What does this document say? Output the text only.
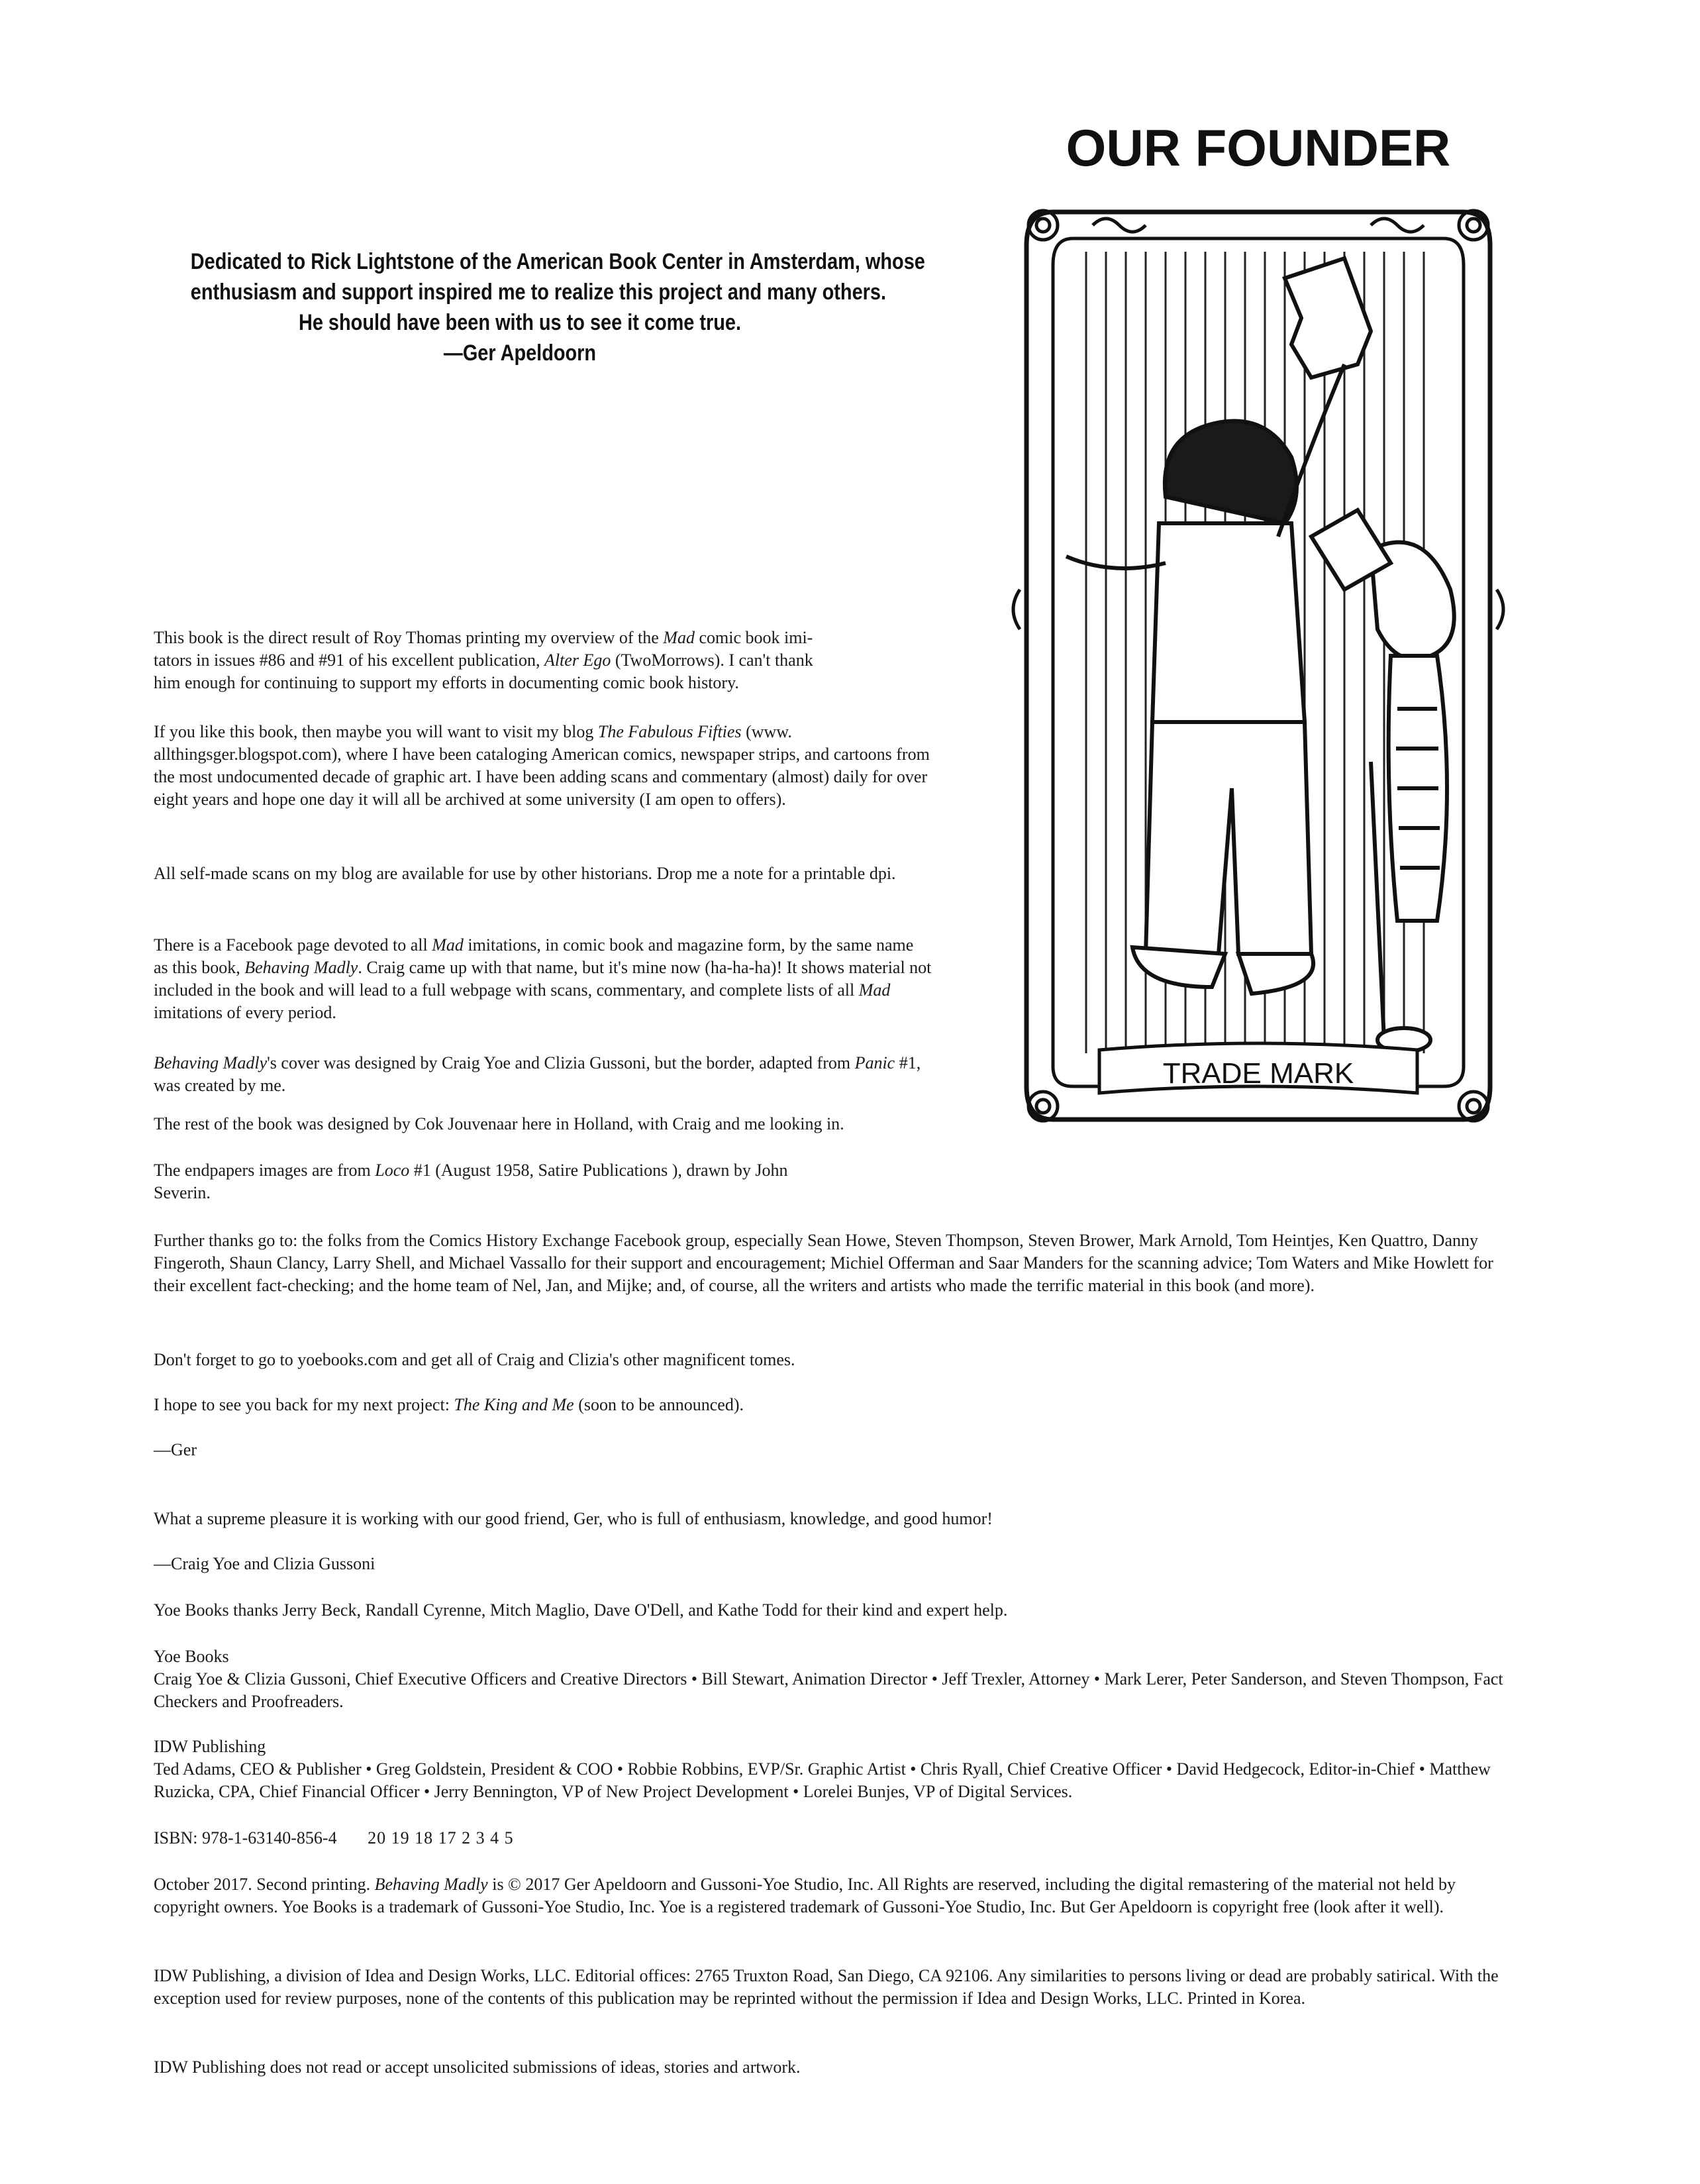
Dedicated to Rick Lightstone of the American Book Center in Amsterdam, whose
enthusiasm and support inspired me to realize this project and many others.
He should have been with us to see it come true.
—Ger Apeldoorn
OUR FOUNDER
TRADE MARK
This book is the direct result of Roy Thomas printing my overview of the Mad comic book imi-
tators in issues #86 and #91 of his excellent publication, Alter Ego (TwoMorrows). I can't thank
him enough for continuing to support my efforts in documenting comic book history.

If you like this book, then maybe you will want to visit my blog The Fabulous Fifties (www. allthingsger.blogspot.com), where I have been cataloging American comics, newspaper strips, and cartoons from the most undocumented decade of graphic art. I have been adding scans and commentary (almost) daily for over eight years and hope one day it will all be archived at some university (I am open to offers).

All self-made scans on my blog are available for use by other historians. Drop me a note for a printable dpi.

There is a Facebook page devoted to all Mad imitations, in comic book and magazine form, by the same name as this book, Behaving Madly. Craig came up with that name, but it's mine now (ha-ha-ha)! It shows material not included in the book and will lead to a full webpage with scans, commentary, and complete lists of all Mad imitations of every period.

Behaving Madly's cover was designed by Craig Yoe and Clizia Gussoni, but the border, adapted from Panic #1, was created by me.

The rest of the book was designed by Cok Jouvenaar here in Holland, with Craig and me looking in.

The endpapers images are from Loco #1 (August 1958, Satire Publications ), drawn by John Severin.

Further thanks go to: the folks from the Comics History Exchange Facebook group, especially Sean Howe, Steven Thompson, Steven Brower, Mark Arnold, Tom Heintjes, Ken Quattro, Danny Fingeroth, Shaun Clancy, Larry Shell, and Michael Vassallo for their support and encouragement; Michiel Offerman and Saar Manders for the scanning advice; Tom Waters and Mike Howlett for their excellent fact-checking; and the home team of Nel, Jan, and Mijke; and, of course, all the writers and artists who made the terrific material in this book (and more).

Don't forget to go to yoebooks.com and get all of Craig and Clizia's other magnificent tomes.

I hope to see you back for my next project: The King and Me (soon to be announced).

—Ger

What a supreme pleasure it is working with our good friend, Ger, who is full of enthusiasm, knowledge, and good humor!

—Craig Yoe and Clizia Gussoni

Yoe Books thanks Jerry Beck, Randall Cyrenne, Mitch Maglio, Dave O'Dell, and Kathe Todd for their kind and expert help.

Yoe Books
Craig Yoe & Clizia Gussoni, Chief Executive Officers and Creative Directors • Bill Stewart, Animation Director • Jeff Trexler, Attorney • Mark Lerer, Peter Sanderson, and Steven Thompson, Fact Checkers and Proofreaders.
IDW Publishing
Ted Adams, CEO & Publisher • Greg Goldstein, President & COO • Robbie Robbins, EVP/Sr. Graphic Artist • Chris Ryall, Chief Creative Officer • David Hedgecock, Editor-in-Chief • Matthew Ruzicka, CPA, Chief Financial Officer • Jerry Bennington, VP of New Project Development • Lorelei Bunjes, VP of Digital Services.
ISBN: 978-1-63140-856-4 20 19 18 17 2 3 4 5

October 2017. Second printing. Behaving Madly is © 2017 Ger Apeldoorn and Gussoni-Yoe Studio, Inc. All Rights are reserved, including the digital remastering of the material not held by copyright owners. Yoe Books is a trademark of Gussoni-Yoe Studio, Inc. Yoe is a registered trademark of Gussoni-Yoe Studio, Inc. But Ger Apeldoorn is copyright free (look after it well).

IDW Publishing, a division of Idea and Design Works, LLC. Editorial offices: 2765 Truxton Road, San Diego, CA 92106. Any similarities to persons living or dead are probably satirical. With the exception used for review purposes, none of the contents of this publication may be reprinted without the permission if Idea and Design Works, LLC. Printed in Korea.

IDW Publishing does not read or accept unsolicited submissions of ideas, stories and artwork.
